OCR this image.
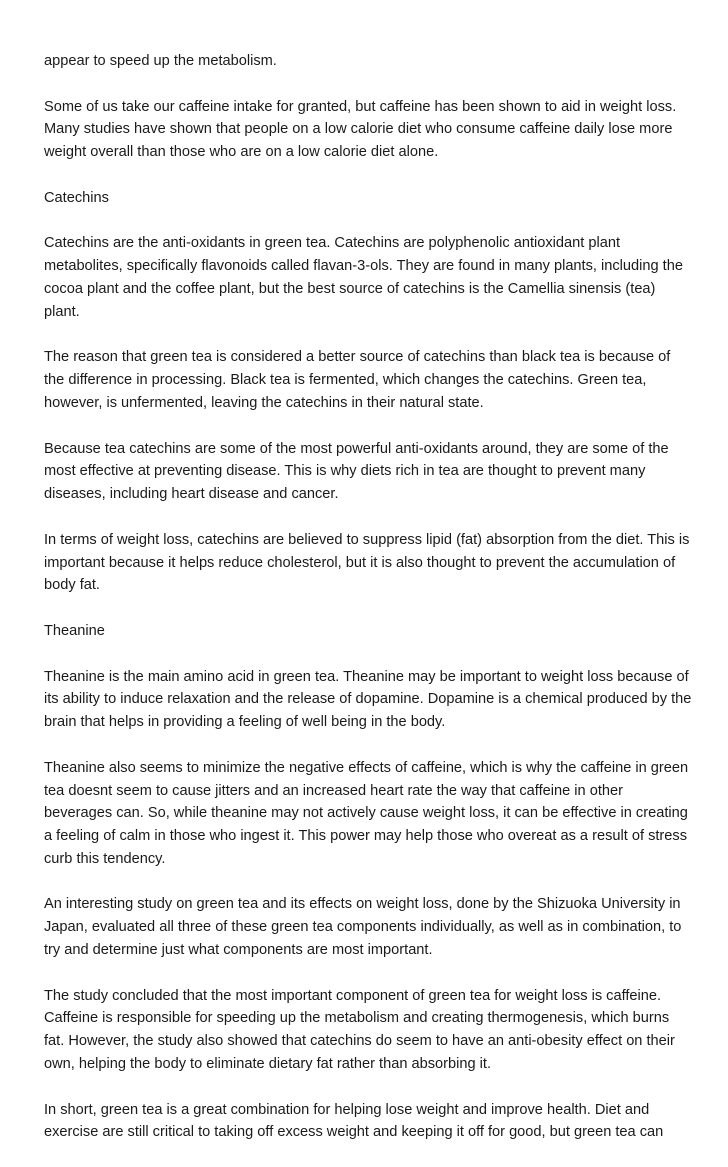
appear to speed up the metabolism.

Some of us take our caffeine intake for granted, but caffeine has been shown to aid in weight loss. Many studies have shown that people on a low calorie diet who consume caffeine daily lose more weight overall than those who are on a low calorie diet alone.

Catechins

Catechins are the anti-oxidants in green tea. Catechins are polyphenolic antioxidant plant metabolites, specifically flavonoids called flavan-3-ols. They are found in many plants, including the cocoa plant and the coffee plant, but the best source of catechins is the Camellia sinensis (tea) plant.

The reason that green tea is considered a better source of catechins than black tea is because of the difference in processing. Black tea is fermented, which changes the catechins. Green tea, however, is unfermented, leaving the catechins in their natural state.

Because tea catechins are some of the most powerful anti-oxidants around, they are some of the most effective at preventing disease. This is why diets rich in tea are thought to prevent many diseases, including heart disease and cancer.

In terms of weight loss, catechins are believed to suppress lipid (fat) absorption from the diet. This is important because it helps reduce cholesterol, but it is also thought to prevent the accumulation of body fat.

Theanine

Theanine is the main amino acid in green tea. Theanine may be important to weight loss because of its ability to induce relaxation and the release of dopamine. Dopamine is a chemical produced by the brain that helps in providing a feeling of well being in the body.

Theanine also seems to minimize the negative effects of caffeine, which is why the caffeine in green tea doesnt seem to cause jitters and an increased heart rate the way that caffeine in other beverages can. So, while theanine may not actively cause weight loss, it can be effective in creating a feeling of calm in those who ingest it. This power may help those who overeat as a result of stress curb this tendency.

An interesting study on green tea and its effects on weight loss, done by the Shizuoka University in Japan, evaluated all three of these green tea components individually, as well as in combination, to try and determine just what components are most important.

The study concluded that the most important component of green tea for weight loss is caffeine. Caffeine is responsible for speeding up the metabolism and creating thermogenesis, which burns fat. However, the study also showed that catechins do seem to have an anti-obesity effect on their own, helping the body to eliminate dietary fat rather than absorbing it.

In short, green tea is a great combination for helping lose weight and improve health. Diet and exercise are still critical to taking off excess weight and keeping it off for good, but green tea can
